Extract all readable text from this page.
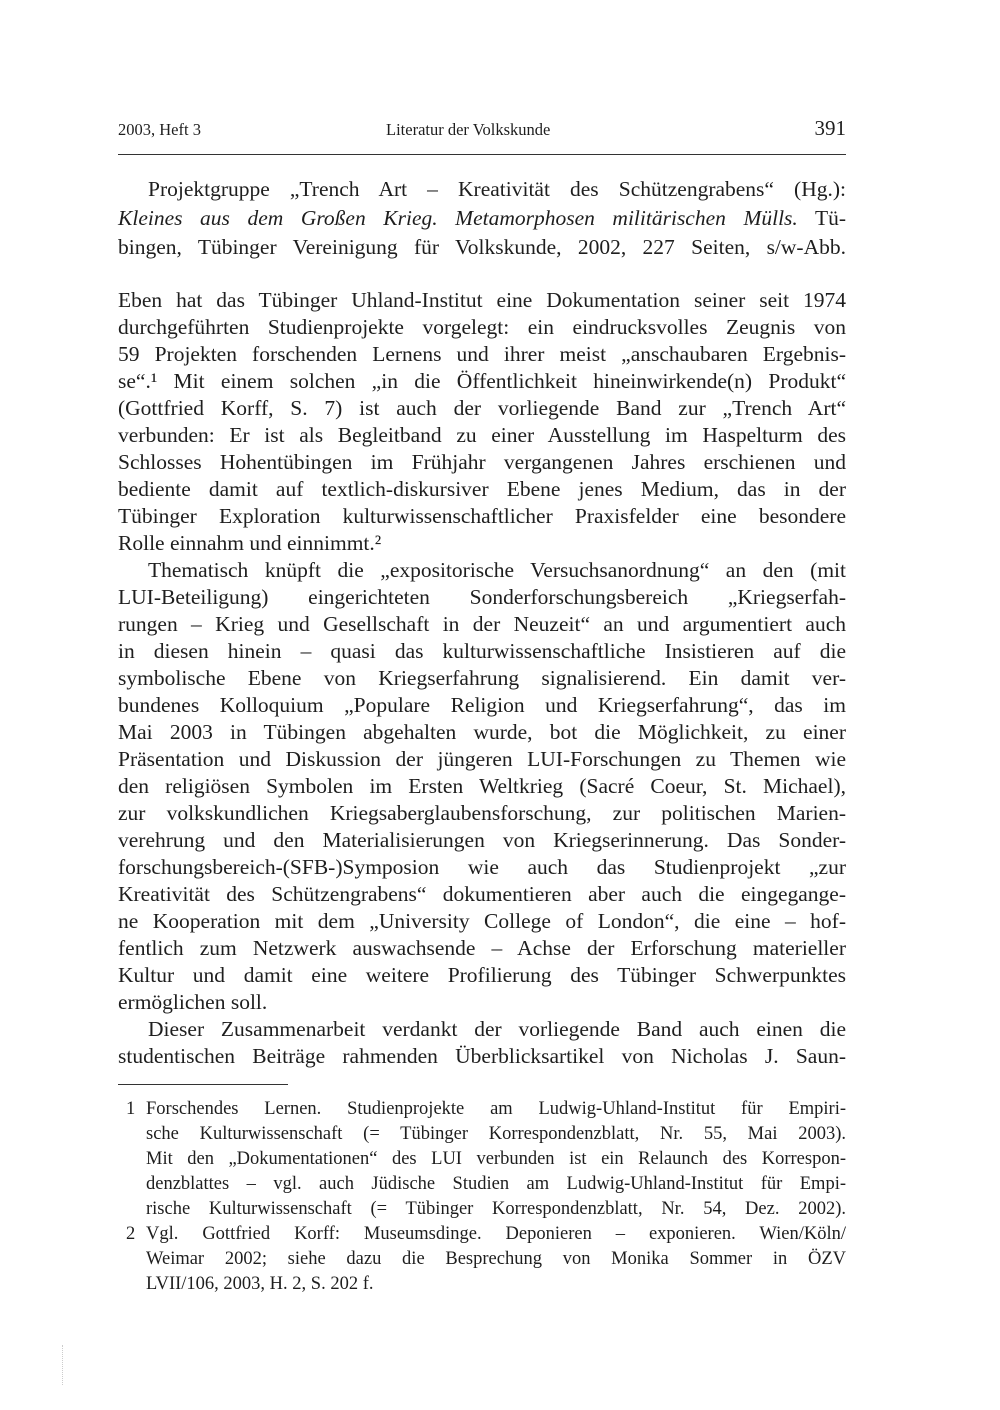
2003, Heft 3	Literatur der Volkskunde	391
Projektgruppe „Trench Art – Kreativität des Schützengrabens“ (Hg.):
Kleines aus dem Großen Krieg. Metamorphosen militärischen Mülls. Tü-
bingen, Tübinger Vereinigung für Volkskunde, 2002, 227 Seiten, s/w-Abb.
Eben hat das Tübinger Uhland-Institut eine Dokumentation seiner seit 1974
durchgeführten Studienprojekte vorgelegt: ein eindrucksvolles Zeugnis von
59 Projekten forschenden Lernens und ihrer meist „anschaubaren Ergebnis-
se“.¹ Mit einem solchen „in die Öffentlichkeit hineinwirkende(n) Produkt“
(Gottfried Korff, S. 7) ist auch der vorliegende Band zur „Trench Art“
verbunden: Er ist als Begleitband zu einer Ausstellung im Haspelturm des
Schlosses Hohentübingen im Frühjahr vergangenen Jahres erschienen und
bediente damit auf textlich-diskursiver Ebene jenes Medium, das in der
Tübinger Exploration kulturwissenschaftlicher Praxisfelder eine besondere
Rolle einnahm und einnimmt.²
Thematisch knüpft die „expositorische Versuchsanordnung“ an den (mit
LUI-Beteiligung) eingerichteten Sonderforschungsbereich „Kriegserfah-
rungen – Krieg und Gesellschaft in der Neuzeit“ an und argumentiert auch
in diesen hinein – quasi das kulturwissenschaftliche Insistieren auf die
symbolische Ebene von Kriegserfahrung signalisierend. Ein damit ver-
bundenes Kolloquium „Populare Religion und Kriegserfahrung“, das im
Mai 2003 in Tübingen abgehalten wurde, bot die Möglichkeit, zu einer
Präsentation und Diskussion der jüngeren LUI-Forschungen zu Themen wie
den religiösen Symbolen im Ersten Weltkrieg (Sacré Coeur, St. Michael),
zur volkskundlichen Kriegsaberglaubensforschung, zur politischen Marien-
verehrung und den Materialisierungen von Kriegserinnerung. Das Sonder-
forschungsbereich-(SFB-)Symposion wie auch das Studienprojekt „zur
Kreativität des Schützengrabens“ dokumentieren aber auch die eingegange-
ne Kooperation mit dem „University College of London“, die eine – hof-
fentlich zum Netzwerk auswachsende – Achse der Erforschung materieller
Kultur und damit eine weitere Profilierung des Tübinger Schwerpunktes
ermöglichen soll.
Dieser Zusammenarbeit verdankt der vorliegende Band auch einen die
studentischen Beiträge rahmenden Überblicksartikel von Nicholas J. Saun-
1 Forschendes Lernen. Studienprojekte am Ludwig-Uhland-Institut für Empiri-
sche Kulturwissenschaft (= Tübinger Korrespondenzblatt, Nr. 55, Mai 2003).
Mit den „Dokumentationen“ des LUI verbunden ist ein Relaunch des Korrespon-
denzblattes – vgl. auch Jüdische Studien am Ludwig-Uhland-Institut für Empi-
rische Kulturwissenschaft (= Tübinger Korrespondenzblatt, Nr. 54, Dez. 2002).
2 Vgl. Gottfried Korff: Museumsdinge. Deponieren – exponieren. Wien/Köln/
Weimar 2002; siehe dazu die Besprechung von Monika Sommer in ÖZV
LVII/106, 2003, H. 2, S. 202 f.
